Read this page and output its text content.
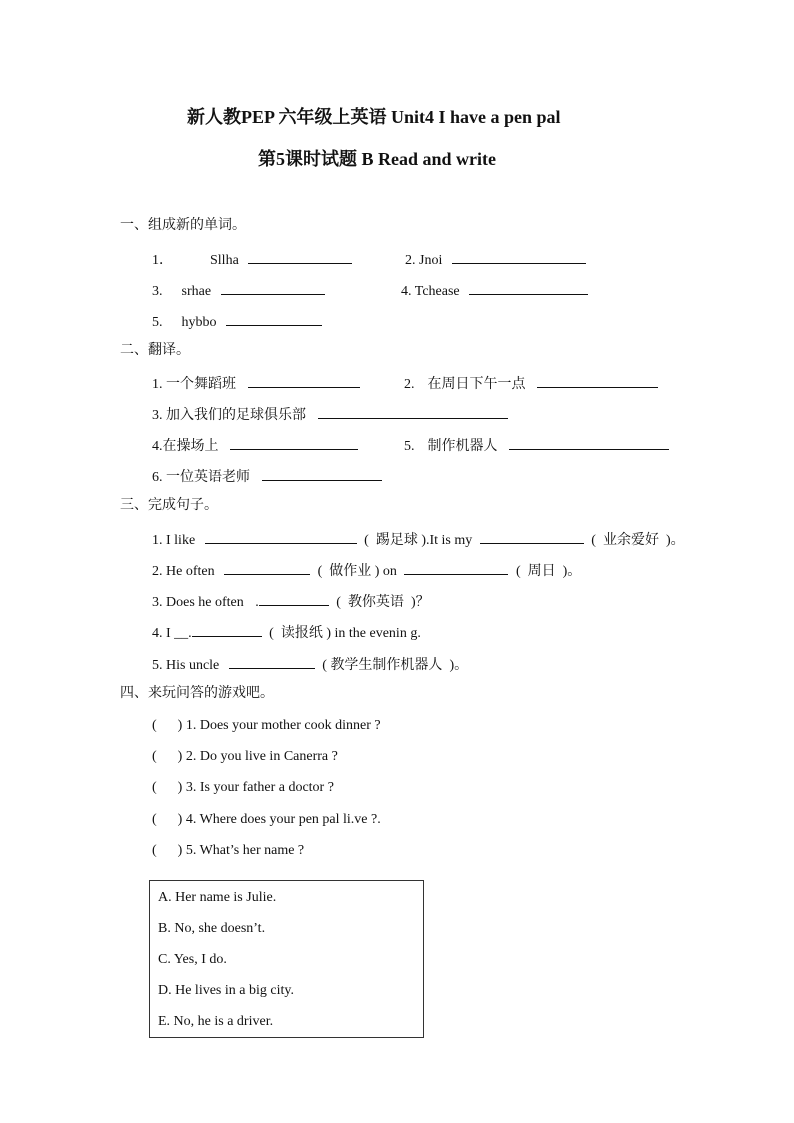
新人教PEP 六年级上英语 Unit4 I have a pen pal
第5课时试题 B Read and write
一、组成新的单词。
1．	Sllha	2. Jnoi
3. srhae	4. Tchease
5. hybbo
二、翻译。
1. 一个舞蹈班	2. 在周日下午一点
3. 加入我们的足球俱乐部
4.在操场上	5. 制作机器人
6. 一位英语老师
三、完成句子。
1. I like	(  踢足球 ).It is my	(  业余爱好  )。
2. He often	(  做作业 ) on	(  周日  )。
3. Does he often .	(  教你英语  )？
4. I __.	(  读报纸 ) in the evenin g.
5. His uncle	( 教学生制作机器人  )。
四、来玩问答的游戏吧。
(      ) 1. Does your mother cook dinner ?
(      ) 2. Do you live in Canerra ?
(      ) 3. Is your father a doctor ?
(      ) 4. Where does your pen pal li.ve ?.
(      ) 5. What’s her name ?
A. Her name is Julie.
B. No, she doesn’t.
C. Yes, I do.
D. He lives in a big city.
E. No, he is a driver.
